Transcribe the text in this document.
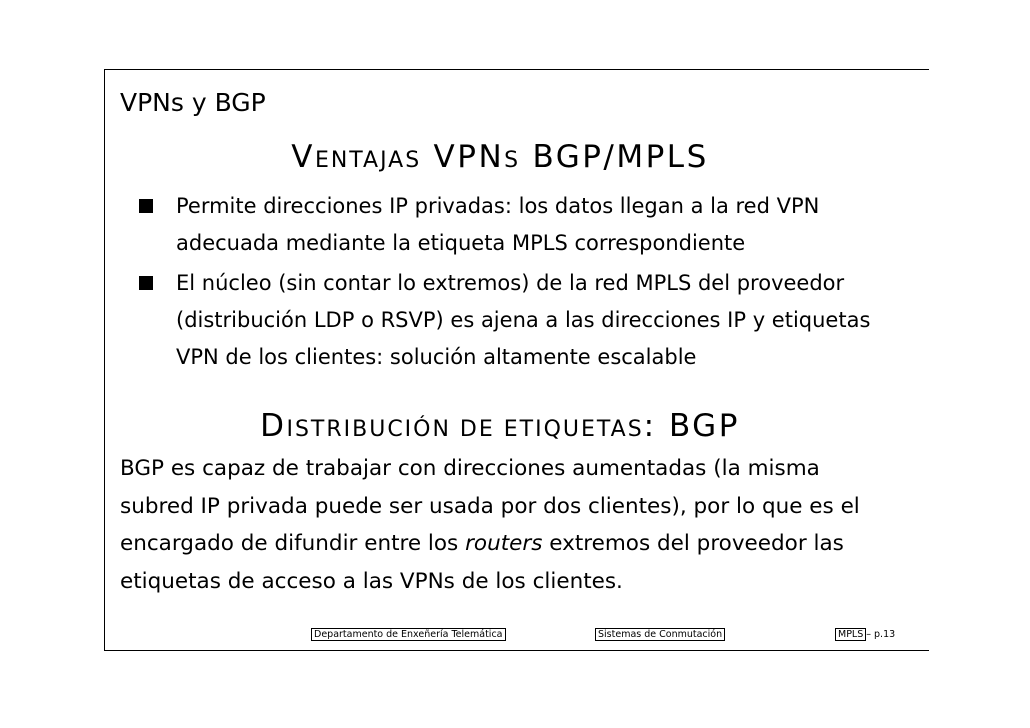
VPNs y BGP
VENTAJAS VPNS BGP/MPLS
Permite direcciones IP privadas: los datos llegan a la red VPN adecuada mediante la etiqueta MPLS correspondiente
El núcleo (sin contar lo extremos) de la red MPLS del proveedor (distribución LDP o RSVP) es ajena a las direcciones IP y etiquetas VPN de los clientes: solución altamente escalable
DISTRIBUCIÓN DE ETIQUETAS: BGP
BGP es capaz de trabajar con direcciones aumentadas (la misma subred IP privada puede ser usada por dos clientes), por lo que es el encargado de difundir entre los routers extremos del proveedor las etiquetas de acceso a las VPNs de los clientes.
Departamento de Enxeñería Telemática	Sistemas de Conmutación	MPLS – p.13
